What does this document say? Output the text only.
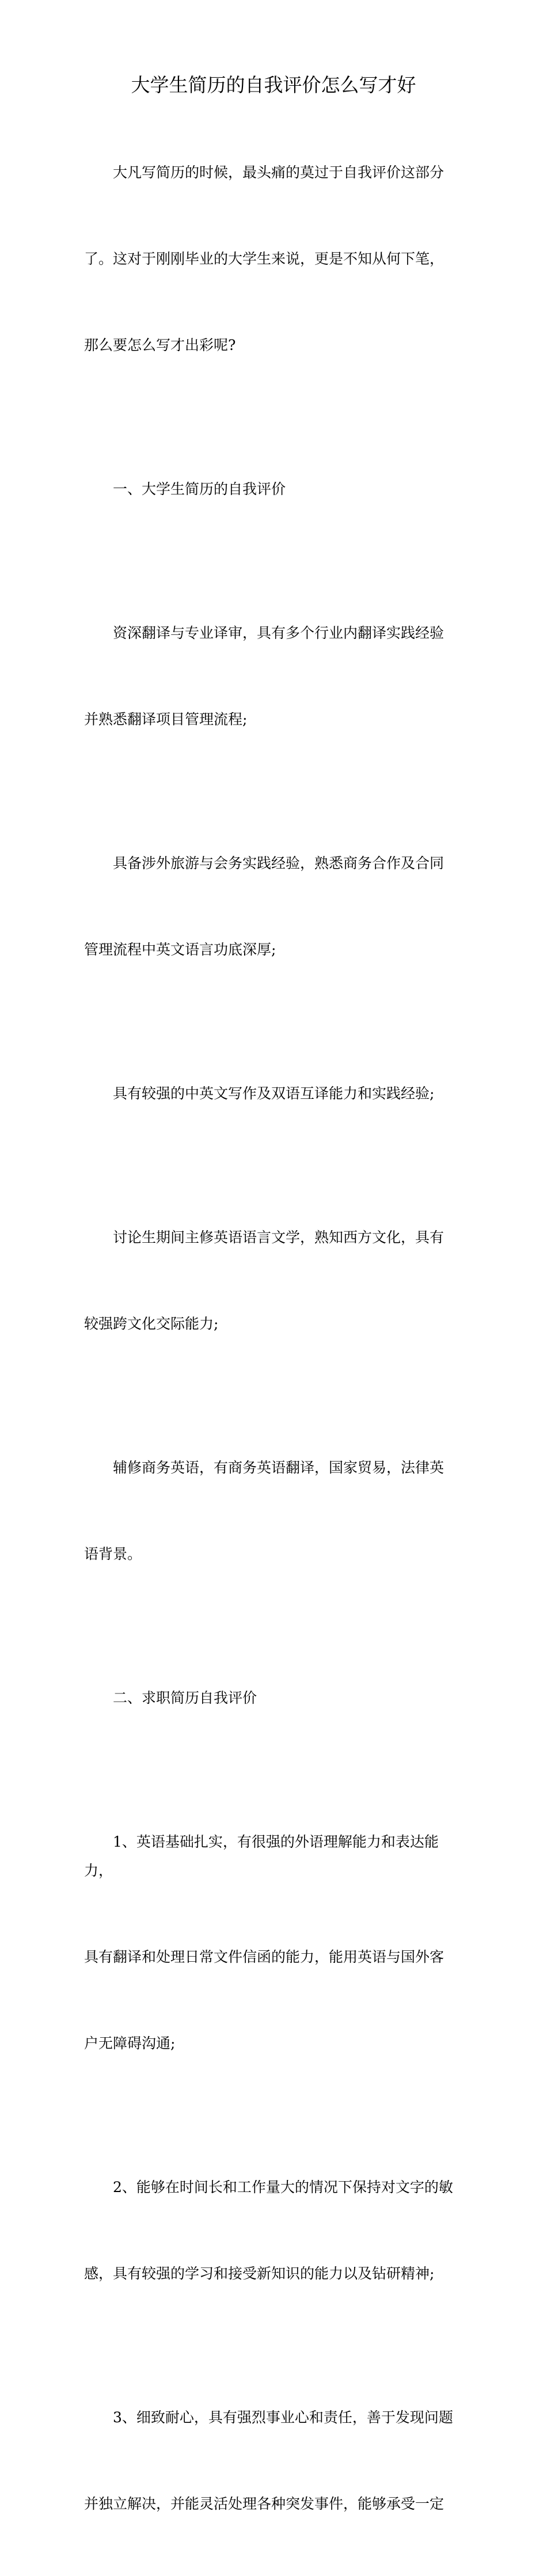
大学生简历的自我评价怎么写才好

大凡写简历的时候，最头痛的莫过于自我评价这部分

了。这对于刚刚毕业的大学生来说，更是不知从何下笔，

那么要怎么写才出彩呢?

一、大学生简历的自我评价

资深翻译与专业译审，具有多个行业内翻译实践经验

并熟悉翻译项目管理流程;

具备涉外旅游与会务实践经验，熟悉商务合作及合同

管理流程中英文语言功底深厚;

具有较强的中英文写作及双语互译能力和实践经验;

讨论生期间主修英语语言文学，熟知西方文化，具有

较强跨文化交际能力;

辅修商务英语，有商务英语翻译，国家贸易，法律英

语背景。

二、求职简历自我评价

1、英语基础扎实，有很强的外语理解能力和表达能力，

具有翻译和处理日常文件信函的能力，能用英语与国外客

户无障碍沟通;

2、能够在时间长和工作量大的情况下保持对文字的敏

感，具有较强的学习和接受新知识的能力以及钻研精神;

3、细致耐心，具有强烈事业心和责任，善于发现问题

并独立解决，并能灵活处理各种突发事件，能够承受一定
